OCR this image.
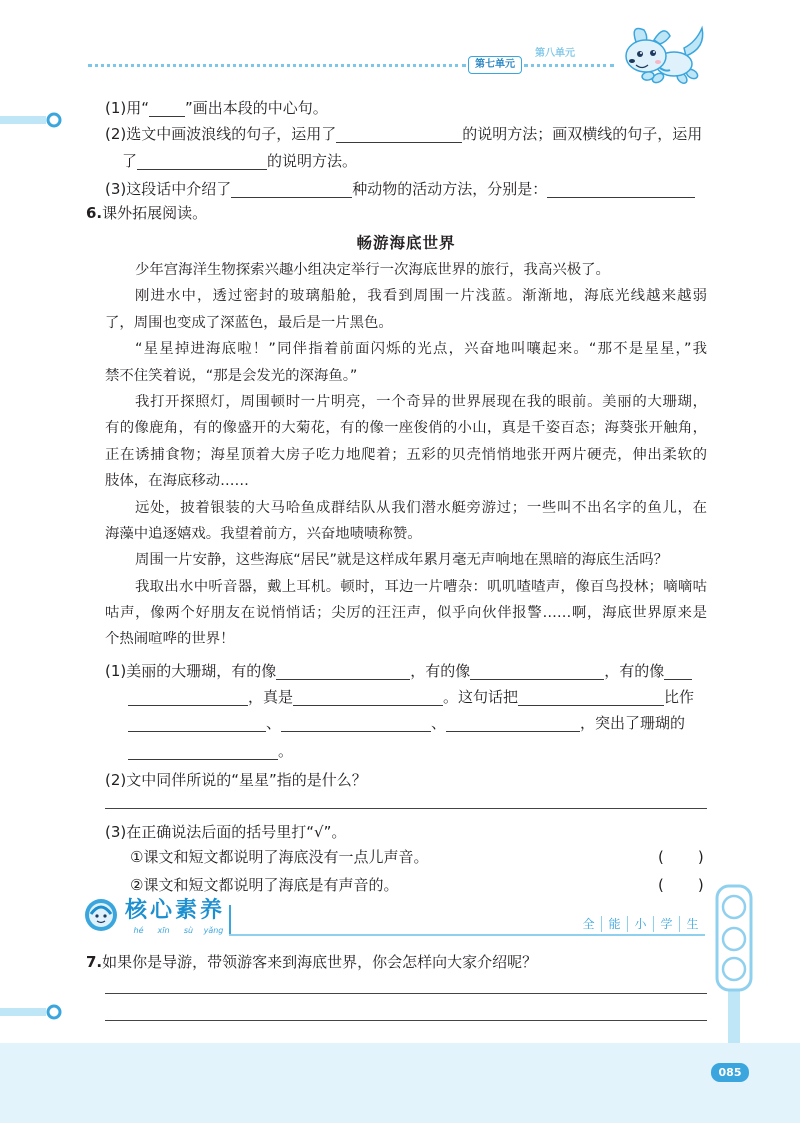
第七单元
第八单元
(1)用“ ”画出本段的中心句。
(2)选文中画波浪线的句子，运用了	的说明方法；画双横线的句子，运用
了	的说明方法。
(3)这段话中介绍了	种动物的活动方法，分别是：
6.课外拓展阅读。
畅游海底世界
少年宫海洋生物探索兴趣小组决定举行一次海底世界的旅行，我高兴极了。
刚进水中，透过密封的玻璃船舱，我看到周围一片浅蓝。渐渐地，海底光线越来越弱
了，周围也变成了深蓝色，最后是一片黑色。
“星星掉进海底啦！”同伴指着前面闪烁的光点，兴奋地叫嚷起来。“那不是星星，”我
禁不住笑着说，“那是会发光的深海鱼。”
我打开探照灯，周围顿时一片明亮，一个奇异的世界展现在我的眼前。美丽的大珊瑚，
有的像鹿角，有的像盛开的大菊花，有的像一座俊俏的小山，真是千姿百态；海葵张开触角，
正在诱捕食物；海星顶着大房子吃力地爬着；五彩的贝壳悄悄地张开两片硬壳，伸出柔软的
肢体，在海底移动……
远处，披着银装的大马哈鱼成群结队从我们潜水艇旁游过；一些叫不出名字的鱼儿，在
海藻中追逐嬉戏。我望着前方，兴奋地啧啧称赞。
周围一片安静，这些海底“居民”就是这样成年累月毫无声响地在黑暗的海底生活吗？
我取出水中听音器，戴上耳机。顿时，耳边一片嘈杂：叽叽喳喳声，像百鸟投林；嘀嘀咕
咕声，像两个好朋友在说悄悄话；尖厉的汪汪声，似乎向伙伴报警……啊，海底世界原来是
个热闹喧哗的世界！
(1)美丽的大珊瑚，有的像	，有的像	，有的像
，真是	。这句话把	比作
、	、	，突出了珊瑚的
。
(2)文中同伴所说的“星星”指的是什么？
(3)在正确说法后面的括号里打“√”。
①课文和短文都说明了海底没有一点儿声音。	( )
②课文和短文都说明了海底是有声音的。	( )
核心素养
hé xīn sù yǎng	全 能 小 学 生
7.如果你是导游，带领游客来到海底世界，你会怎样向大家介绍呢？
085
